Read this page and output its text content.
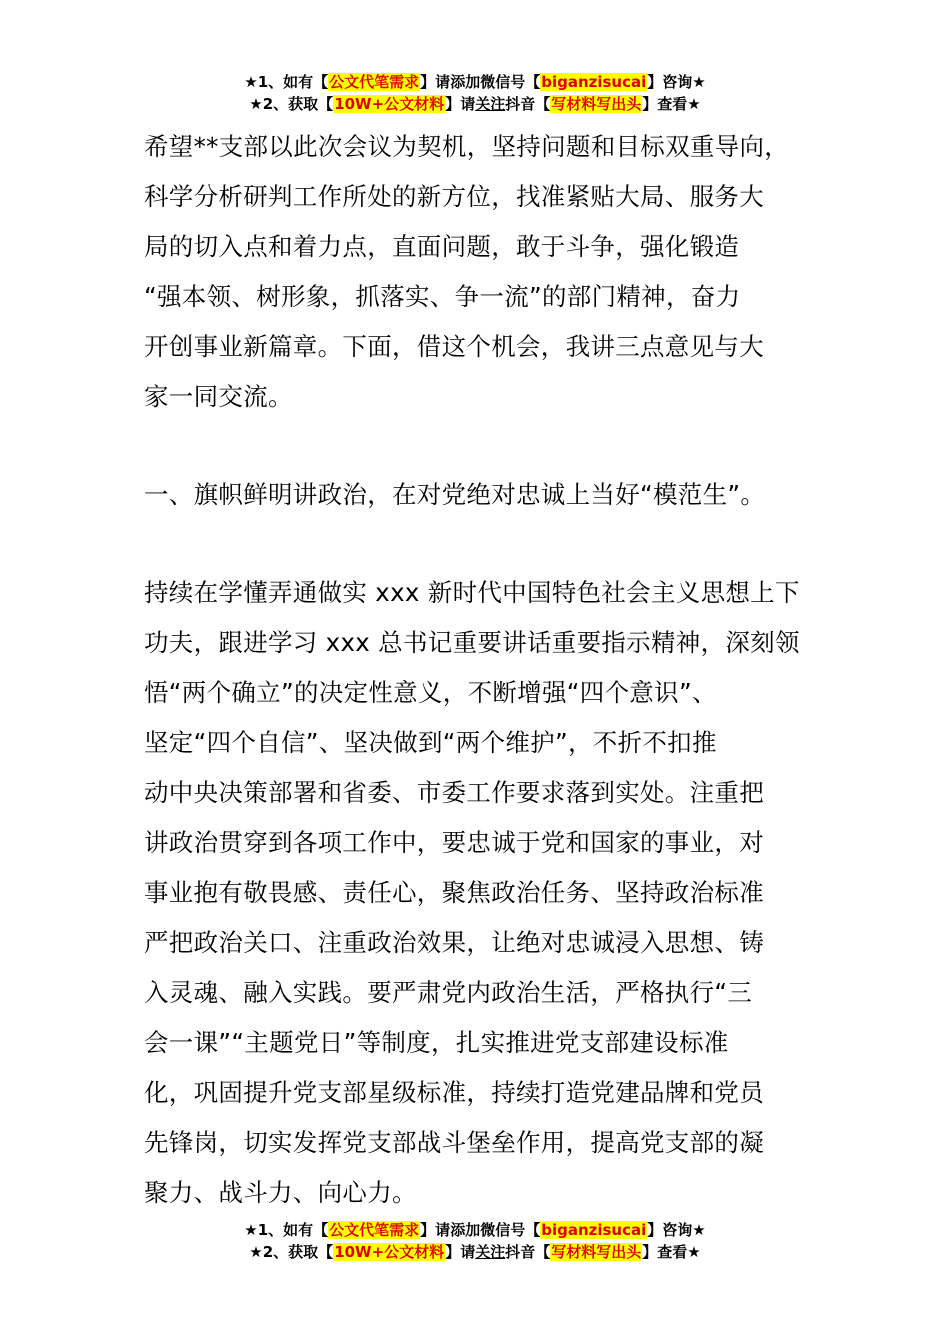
★1、如有【公文代笔需求】请添加微信号【biganzisucai】咨询★
★2、获取【10W+公文材料】请关注抖音【写材料写出头】查看★

希望**支部以此次会议为契机，坚持问题和目标双重导向，

科学分析研判工作所处的新方位，找准紧贴大局、服务大

局的切入点和着力点，直面问题，敢于斗争，强化锻造

“强本领、树形象，抓落实、争一流”的部门精神，奋力

开创事业新篇章。下面，借这个机会，我讲三点意见与大

家一同交流。

一、旗帜鲜明讲政治，在对党绝对忠诚上当好“模范生”。

持续在学懂弄通做实 xxx 新时代中国特色社会主义思想上下

功夫，跟进学习 xxx 总书记重要讲话重要指示精神，深刻领

悟“两个确立”的决定性意义，不断增强“四个意识”、

坚定“四个自信”、坚决做到“两个维护”，不折不扣推

动中央决策部署和省委、市委工作要求落到实处。注重把

讲政治贯穿到各项工作中，要忠诚于党和国家的事业，对

事业抱有敬畏感、责任心，聚焦政治任务、坚持政治标准

严把政治关口、注重政治效果，让绝对忠诚浸入思想、铸

入灵魂、融入实践。要严肃党内政治生活，严格执行“三

会一课”“主题党日”等制度，扎实推进党支部建设标准

化，巩固提升党支部星级标准，持续打造党建品牌和党员

先锋岗，切实发挥党支部战斗堡垒作用，提高党支部的凝

聚力、战斗力、向心力。

★1、如有【公文代笔需求】请添加微信号【biganzisucai】咨询★
★2、获取【10W+公文材料】请关注抖音【写材料写出头】查看★
